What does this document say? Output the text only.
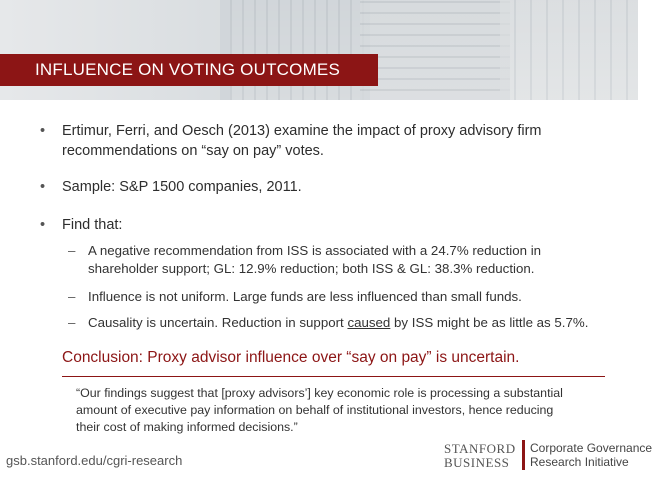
INFLUENCE ON VOTING OUTCOMES
• Ertimur, Ferri, and Oesch (2013) examine the impact of proxy advisory firm
recommendations on “say on pay” votes.
• Sample: S&P 1500 companies, 2011.
• Find that:
– A negative recommendation from ISS is associated with a 24.7% reduction in
shareholder support; GL: 12.9% reduction; both ISS & GL: 38.3% reduction.
– Influence is not uniform. Large funds are less influenced than small funds.
– Causality is uncertain. Reduction in support caused by ISS might be as little as 5.7%.
Conclusion: Proxy advisor influence over “say on pay” is uncertain.
“Our findings suggest that [proxy advisors’] key economic role is processing a substantial
amount of executive pay information on behalf of institutional investors, hence reducing
their cost of making informed decisions.”
gsb.stanford.edu/cgri-research
STANFORD
BUSINESS
Corporate Governance
Research Initiative
